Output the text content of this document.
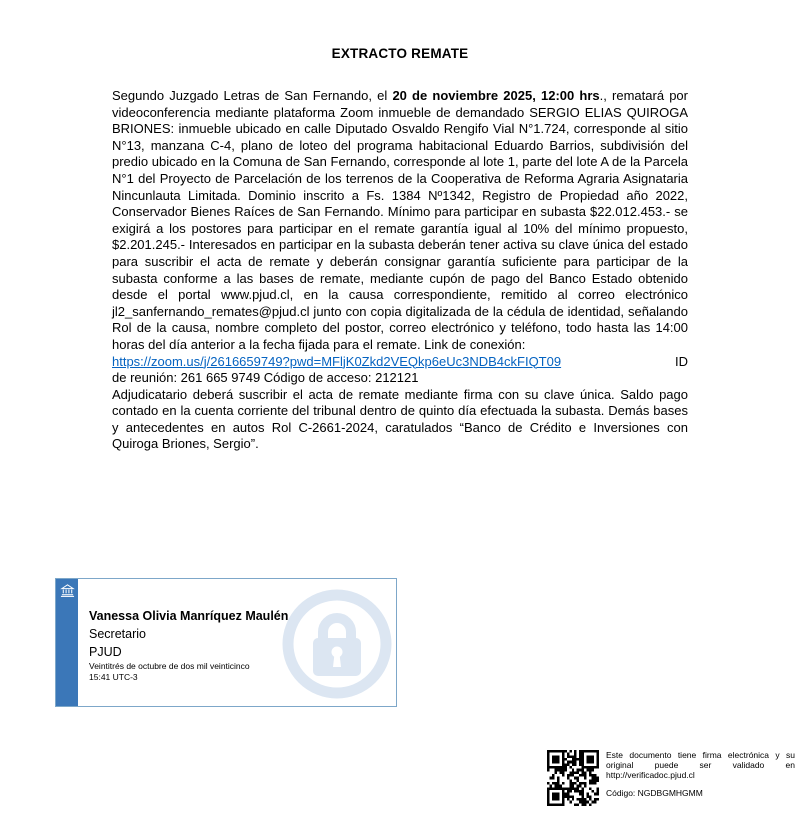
EXTRACTO REMATE

Segundo Juzgado Letras de San Fernando, el 20 de noviembre 2025, 12:00 hrs., rematará por videoconferencia mediante plataforma Zoom inmueble de demandado SERGIO ELIAS QUIROGA BRIONES: inmueble ubicado en calle Diputado Osvaldo Rengifo Vial N°1.724, corresponde al sitio N°13, manzana C-4, plano de loteo del programa habitacional Eduardo Barrios, subdivisión del predio ubicado en la Comuna de San Fernando, corresponde al lote 1, parte del lote A de la Parcela N°1 del Proyecto de Parcelación de los terrenos de la Cooperativa de Reforma Agraria Asignataria Nincunlauta Limitada. Dominio inscrito a Fs. 1384 Nº1342, Registro de Propiedad año 2022, Conservador Bienes Raíces de San Fernando. Mínimo para participar en subasta $22.012.453.- se exigirá a los postores para participar en el remate garantía igual al 10% del mínimo propuesto, $2.201.245.- Interesados en participar en la subasta deberán tener activa su clave única del estado para suscribir el acta de remate y deberán consignar garantía suficiente para participar de la subasta conforme a las bases de remate, mediante cupón de pago del Banco Estado obtenido desde el portal www.pjud.cl, en la causa correspondiente, remitido al correo electrónico jl2_sanfernando_remates@pjud.cl junto con copia digitalizada de la cédula de identidad, señalando Rol de la causa, nombre completo del postor, correo electrónico y teléfono, todo hasta las 14:00 horas del día anterior a la fecha fijada para el remate. Link de conexión:

https://zoom.us/j/2616659749?pwd=MFljK0Zkd2VEQkp6eUc3NDB4ckFIQT09	ID

de reunión: 261 665 9749 Código de acceso: 212121

Adjudicatario deberá suscribir el acta de remate mediante firma con su clave única. Saldo pago contado en la cuenta corriente del tribunal dentro de quinto día efectuada la subasta. Demás bases y antecedentes en autos Rol C-2661-2024, caratulados “Banco de Crédito e Inversiones con Quiroga Briones, Sergio”.

Vanessa Olivia Manríquez Maulén
Secretario
PJUD
Veintitrés de octubre de dos mil veinticinco
15:41 UTC-3
Este documento tiene firma electrónica y su original puede ser validado en http://verificadoc.pjud.cl
Código: NGDBGMHGMM
